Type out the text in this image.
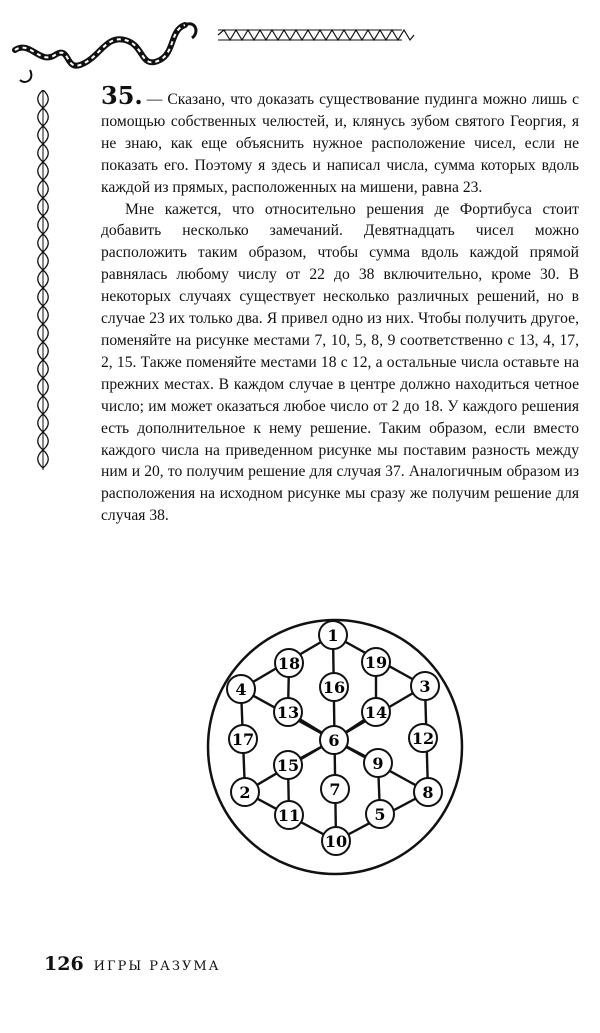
35. — Сказано, что доказать существование пудинга можно лишь с помощью собственных челюстей, и, клянусь зубом святого Георгия, я не знаю, как еще объяснить нужное расположение чисел, если не показать его. Поэтому я здесь и написал числа, сумма которых вдоль каждой из прямых, расположенных на мишени, равна 23.

Мне кажется, что относительно решения де Фортибуса стоит добавить несколько замечаний. Девятнадцать чисел можно расположить таким образом, чтобы сумма вдоль каждой прямой равнялась любому числу от 22 до 38 включительно, кроме 30. В некоторых случаях существует несколько различных решений, но в случае 23 их только два. Я привел одно из них. Чтобы получить другое, поменяйте на рисунке местами 7, 10, 5, 8, 9 соответственно с 13, 4, 17, 2, 15. Также поменяйте местами 18 с 12, а остальные числа оставьте на прежних местах. В каждом случае в центре должно находиться четное число; им может оказаться любое число от 2 до 18. У каждого решения есть дополнительное к нему решение. Таким образом, если вместо каждого числа на приведенном рисунке мы поставим разность между ним и 20, то получим решение для случая 37. Аналогичным образом из расположения на исходном рисунке мы сразу же получим решение для случая 38.

1
18	19
4	16	3
13	14
17	6	12
15	9
2	7	8
11	5
10
126 ИГРЫ РАЗУМА
